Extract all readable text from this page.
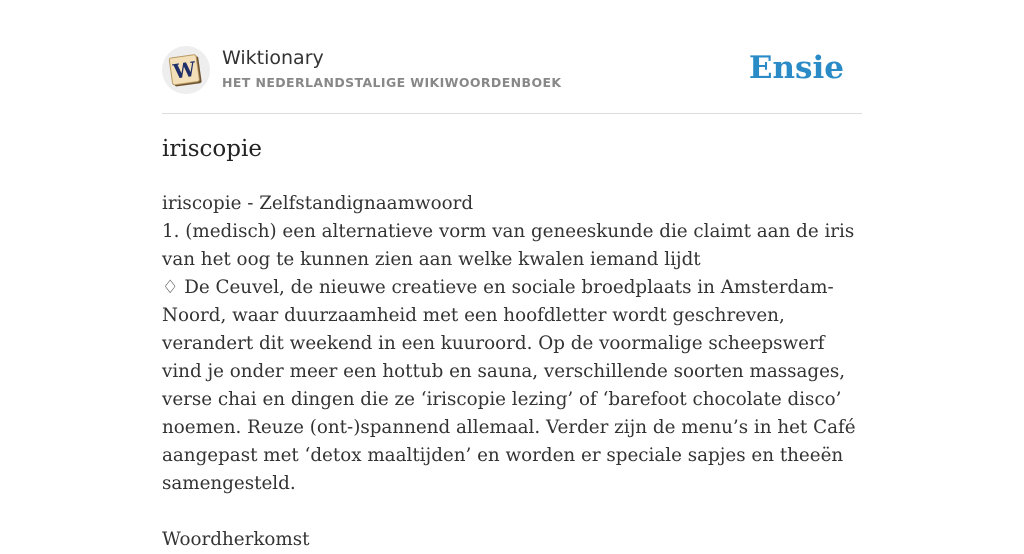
W Wiktionary
HET NEDERLANDSTALIGE WIKIWOORDENBOEK	Ensie
iriscopie

iriscopie - Zelfstandignaamwoord

1. (medisch) een alternatieve vorm van geneeskunde die claimt aan de iris van het oog te kunnen zien aan welke kwalen iemand lijdt

♢ De Ceuvel, de nieuwe creatieve en sociale broedplaats in Amsterdam-Noord, waar duurzaamheid met een hoofdletter wordt geschreven, verandert dit weekend in een kuuroord. Op de voormalige scheepswerf vind je onder meer een hottub en sauna, verschillende soorten massages, verse chai en dingen die ze ‘iriscopie lezing’ of ‘barefoot chocolate disco’ noemen. Reuze (ont-)spannend allemaal. Verder zijn de menu’s in het Café aangepast met ‘detox maaltijden’ en worden er speciale sapjes en theeën samengesteld.

Woordherkomst
